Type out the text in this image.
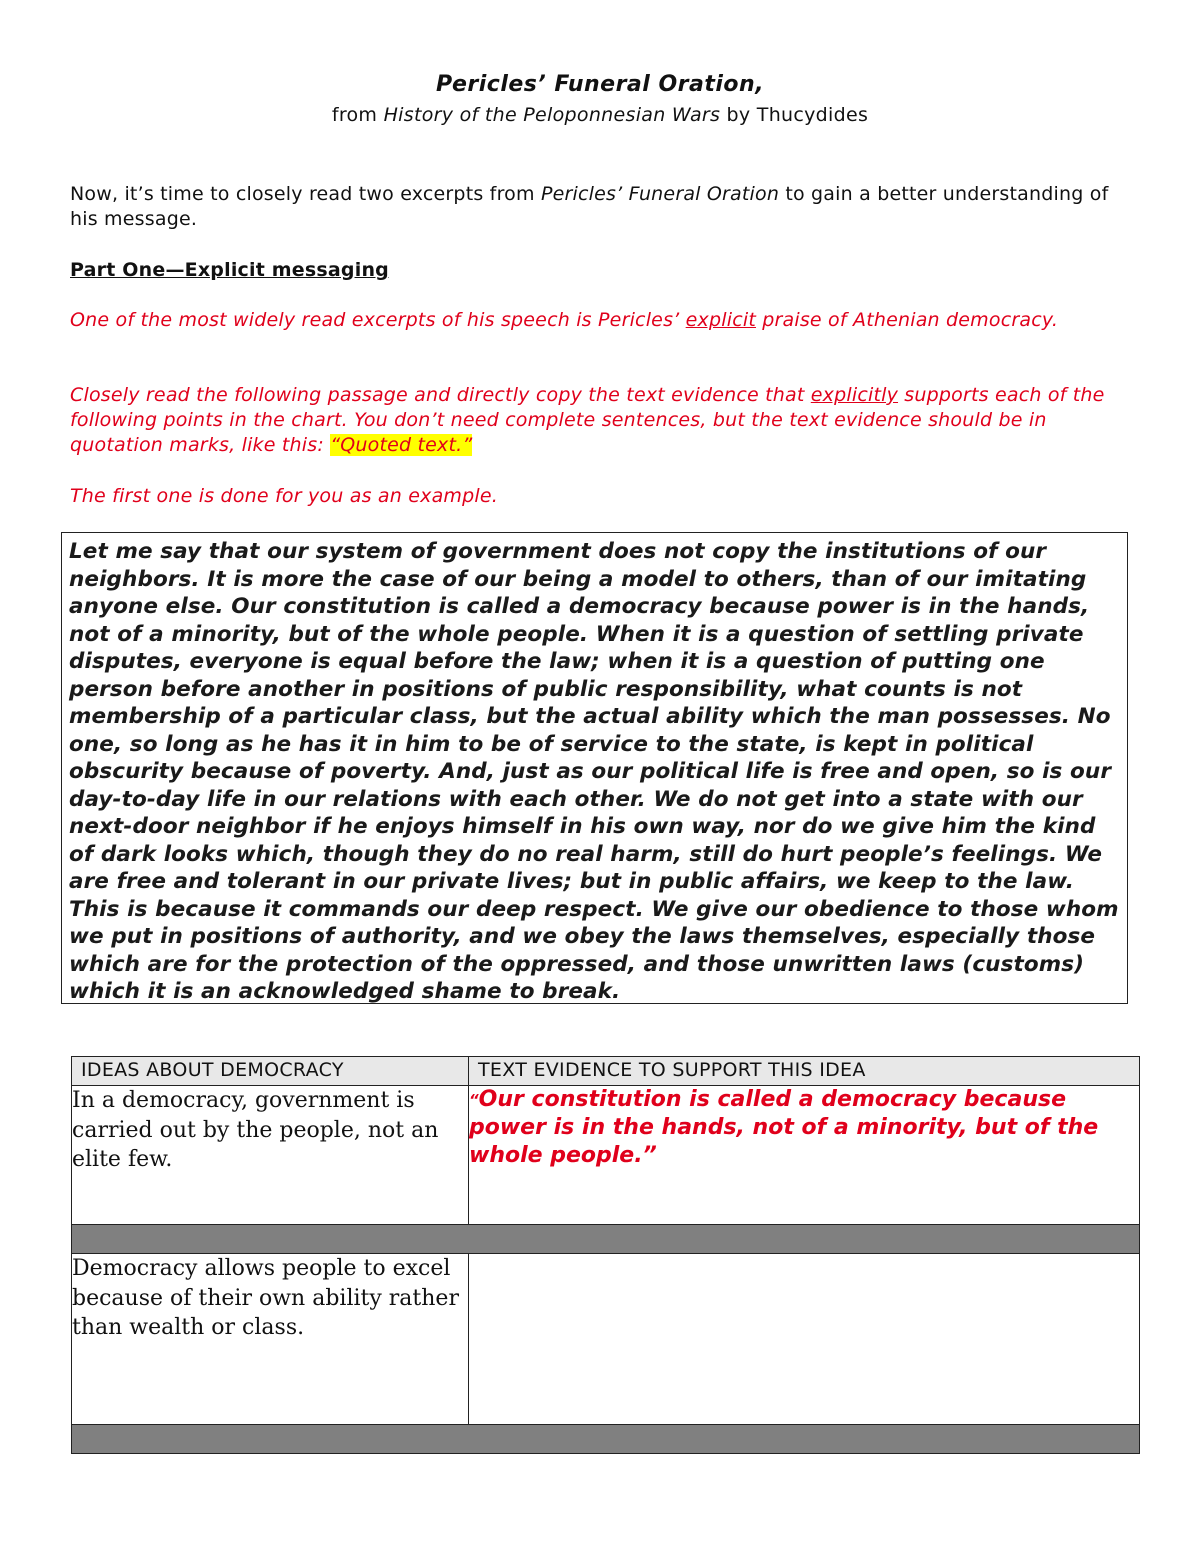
Pericles’ Funeral Oration,
from History of the Peloponnesian Wars by Thucydides
Now, it’s time to closely read two excerpts from Pericles’ Funeral Oration to gain a better understanding of his message.
Part One—Explicit messaging
One of the most widely read excerpts of his speech is Pericles’ explicit praise of Athenian democracy.
Closely read the following passage and directly copy the text evidence that explicitly supports each of the following points in the chart. You don’t need complete sentences, but the text evidence should be in quotation marks, like this: “Quoted text.”
The first one is done for you as an example.
Let me say that our system of government does not copy the institutions of our neighbors. It is more the case of our being a model to others, than of our imitating anyone else. Our constitution is called a democracy because power is in the hands, not of a minority, but of the whole people. When it is a question of settling private disputes, everyone is equal before the law; when it is a question of putting one person before another in positions of public responsibility, what counts is not membership of a particular class, but the actual ability which the man possesses. No one, so long as he has it in him to be of service to the state, is kept in political obscurity because of poverty. And, just as our political life is free and open, so is our day-to-day life in our relations with each other. We do not get into a state with our next-door neighbor if he enjoys himself in his own way, nor do we give him the kind of dark looks which, though they do no real harm, still do hurt people’s feelings. We are free and tolerant in our private lives; but in public affairs, we keep to the law. This is because it commands our deep respect. We give our obedience to those whom we put in positions of authority, and we obey the laws themselves, especially those which are for the protection of the oppressed, and those unwritten laws (customs) which it is an acknowledged shame to break.
IDEAS ABOUT DEMOCRACY	TEXT EVIDENCE TO SUPPORT THIS IDEA
In a democracy, government is carried out by the people, not an elite few.	“Our constitution is called a democracy because power is in the hands, not of a minority, but of the whole people.”

Democracy allows people to excel because of their own ability rather than wealth or class.	
